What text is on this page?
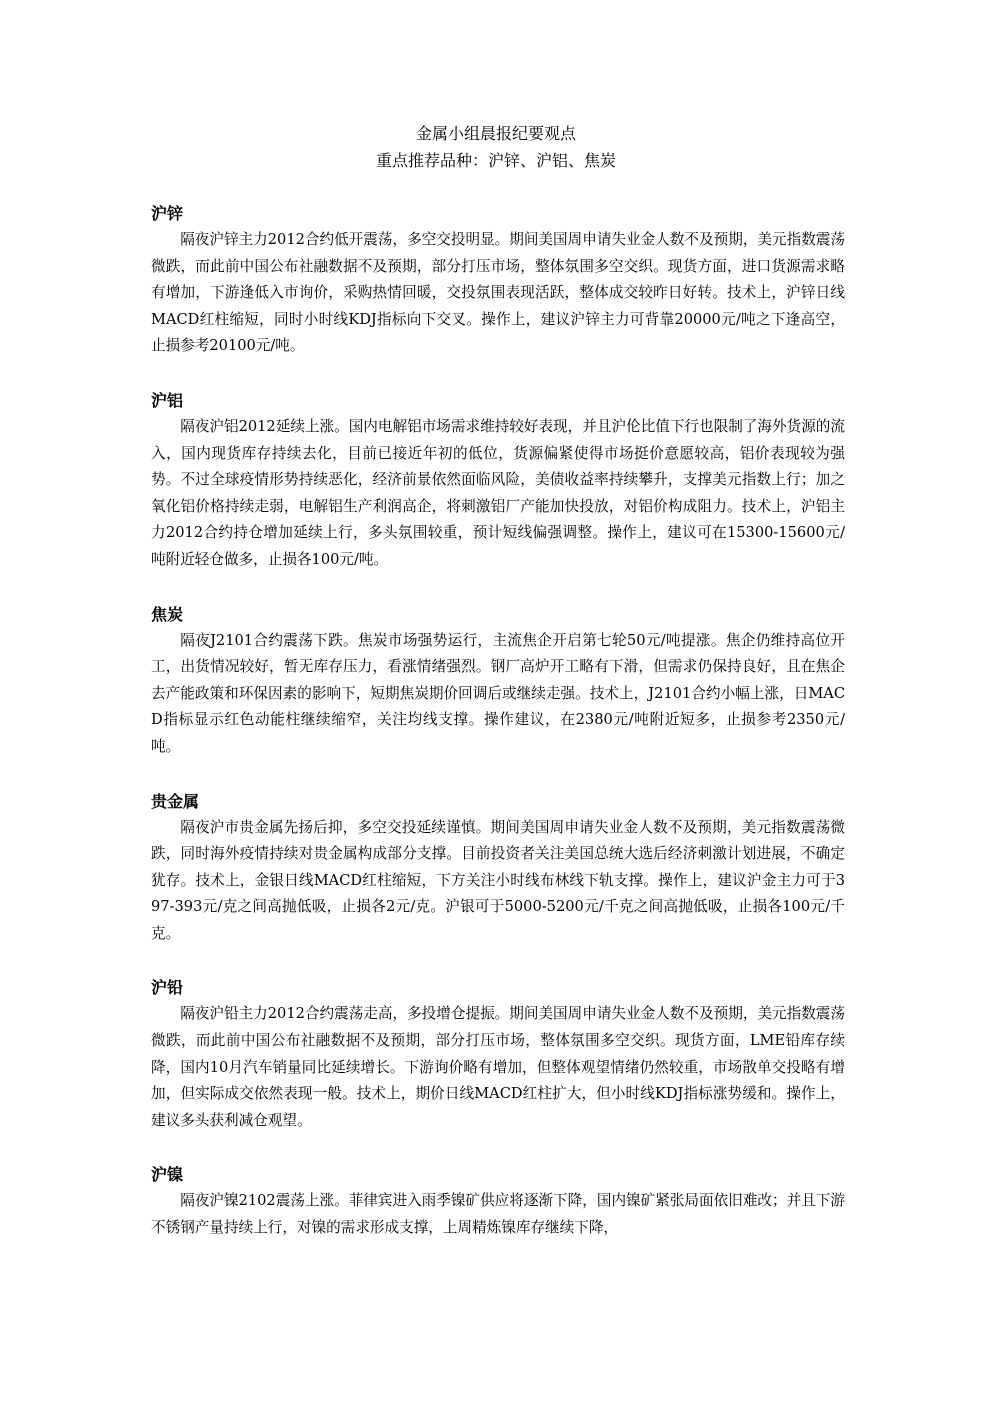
金属小组晨报纪要观点
重点推荐品种：沪锌、沪铝、焦炭
沪锌

隔夜沪锌主力2012合约低开震荡，多空交投明显。期间美国周申请失业金人数不及预期，美元指数震荡微跌，而此前中国公布社融数据不及预期，部分打压市场，整体氛围多空交织。现货方面，进口货源需求略有增加，下游逢低入市询价，采购热情回暖，交投氛围表现活跃，整体成交较昨日好转。技术上，沪锌日线MACD红柱缩短，同时小时线KDJ指标向下交叉。操作上，建议沪锌主力可背靠20000元/吨之下逢高空，止损参考20100元/吨。

沪铝

隔夜沪铝2012延续上涨。国内电解铝市场需求维持较好表现，并且沪伦比值下行也限制了海外货源的流入，国内现货库存持续去化，目前已接近年初的低位，货源偏紧使得市场挺价意愿较高，铝价表现较为强势。不过全球疫情形势持续恶化，经济前景依然面临风险，美债收益率持续攀升，支撑美元指数上行；加之氧化铝价格持续走弱，电解铝生产利润高企，将刺激铝厂产能加快投放，对铝价构成阻力。技术上，沪铝主力2012合约持仓增加延续上行，多头氛围较重，预计短线偏强调整。操作上，建议可在15300-15600元/吨附近轻仓做多，止损各100元/吨。

焦炭

隔夜J2101合约震荡下跌。焦炭市场强势运行，主流焦企开启第七轮50元/吨提涨。焦企仍维持高位开工，出货情况较好，暂无库存压力，看涨情绪强烈。钢厂高炉开工略有下滑，但需求仍保持良好，且在焦企去产能政策和环保因素的影响下，短期焦炭期价回调后或继续走强。技术上，J2101合约小幅上涨，日MACD指标显示红色动能柱继续缩窄，关注均线支撑。操作建议，在2380元/吨附近短多，止损参考2350元/吨。

贵金属

隔夜沪市贵金属先扬后抑，多空交投延续谨慎。期间美国周申请失业金人数不及预期，美元指数震荡微跌，同时海外疫情持续对贵金属构成部分支撑。目前投资者关注美国总统大选后经济刺激计划进展，不确定犹存。技术上，金银日线MACD红柱缩短，下方关注小时线布林线下轨支撑。操作上，建议沪金主力可于397-393元/克之间高抛低吸，止损各2元/克。沪银可于5000-5200元/千克之间高抛低吸，止损各100元/千克。

沪铅

隔夜沪铅主力2012合约震荡走高，多投增仓提振。期间美国周申请失业金人数不及预期，美元指数震荡微跌，而此前中国公布社融数据不及预期，部分打压市场，整体氛围多空交织。现货方面，LME铅库存续降，国内10月汽车销量同比延续增长。下游询价略有增加，但整体观望情绪仍然较重，市场散单交投略有增加，但实际成交依然表现一般。技术上，期价日线MACD红柱扩大，但小时线KDJ指标涨势缓和。操作上，建议多头获利减仓观望。

沪镍

隔夜沪镍2102震荡上涨。菲律宾进入雨季镍矿供应将逐渐下降，国内镍矿紧张局面依旧难改；并且下游不锈钢产量持续上行，对镍的需求形成支撑，上周精炼镍库存继续下降，
